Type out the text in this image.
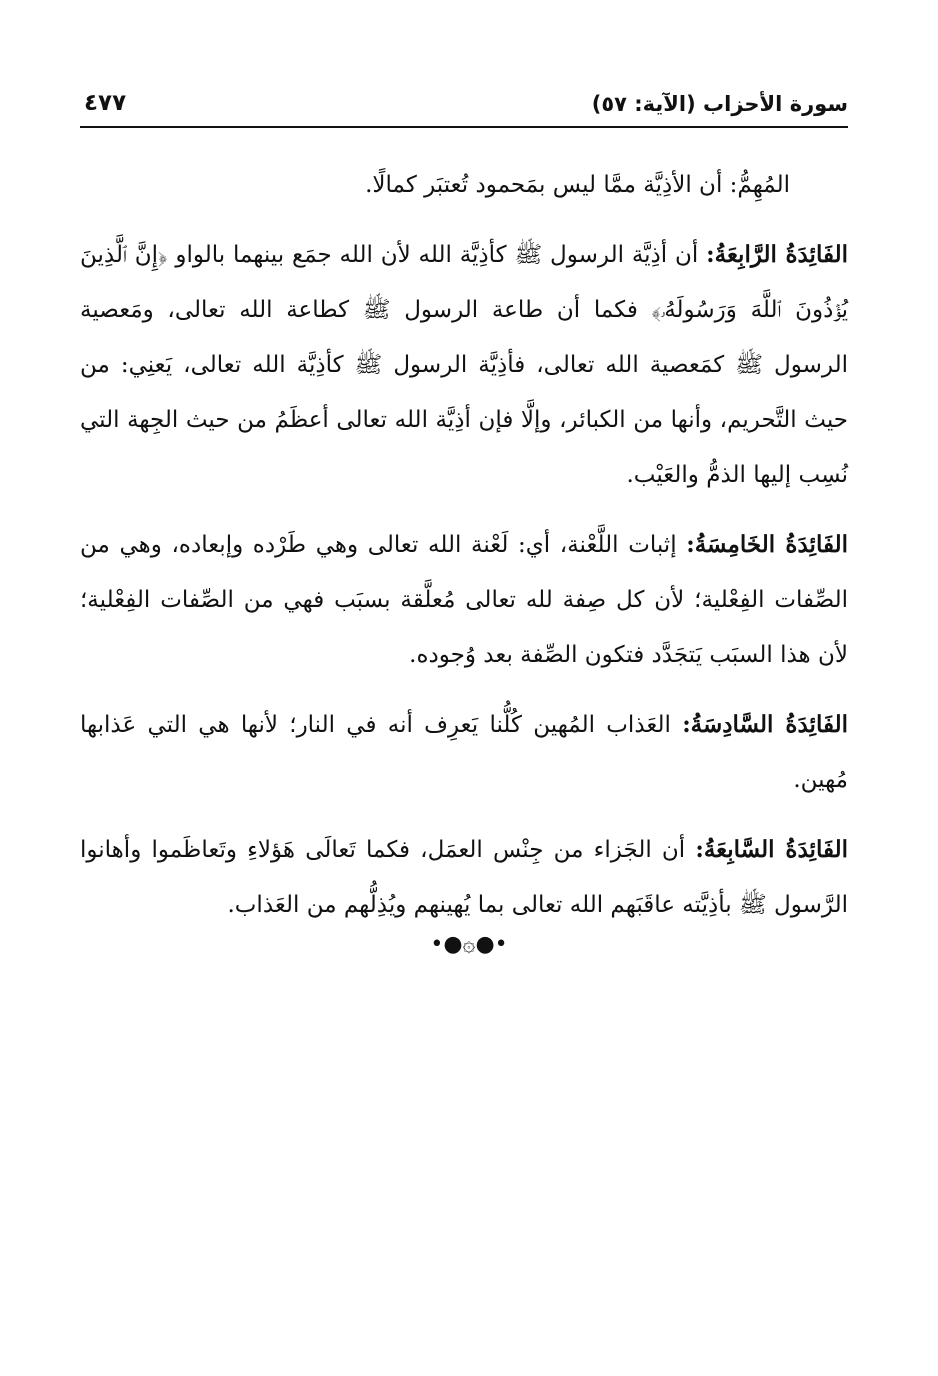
سورة الأحزاب (الآية: ٥٧)
٤٧٧

المُهِمُّ: أن الأذِيَّة ممَّا ليس بمَحمود تُعتبَر كمالًا.

الفَائِدَةُ الرَّابِعَةُ: أن أذِيَّة الرسول ﷺ كأذِيَّة الله لأن الله جمَع بينهما بالواو ﴿إِنَّ ٱلَّذِينَ يُؤۡذُونَ ٱللَّهَ وَرَسُولَهُۥ﴾ فكما أن طاعة الرسول ﷺ كطاعة الله تعالى، ومَعصية الرسول ﷺ كمَعصية الله تعالى، فأذِيَّة الرسول ﷺ كأذِيَّة الله تعالى، يَعنِي: من حيث التَّحريم، وأنها من الكبائر، وإلَّا فإن أذِيَّة الله تعالى أعظَمُ من حيث الجِهة التي نُسِب إليها الذمُّ والعَيْب.

الفَائِدَةُ الخَامِسَةُ: إثبات اللَّعْنة، أي: لَعْنة الله تعالى وهي طَرْده وإبعاده، وهي من الصِّفات الفِعْلية؛ لأن كل صِفة لله تعالى مُعلَّقة بسبَب فهي من الصِّفات الفِعْلية؛ لأن هذا السبَب يَتجَدَّد فتكون الصِّفة بعد وُجوده.

الفَائِدَةُ السَّادِسَةُ: العَذاب المُهين كُلُّنا يَعرِف أنه في النار؛ لأنها هي التي عَذابها مُهين.

الفَائِدَةُ السَّابِعَةُ: أن الجَزاء من جِنْس العمَل، فكما تَعالَى هَؤلاءِ وتَعاظَموا وأهانوا الرَّسول ﷺ بأذِيَّته عاقَبَهم الله تعالى بما يُهينهم ويُذِلُّهم من العَذاب.

•●۞●•
